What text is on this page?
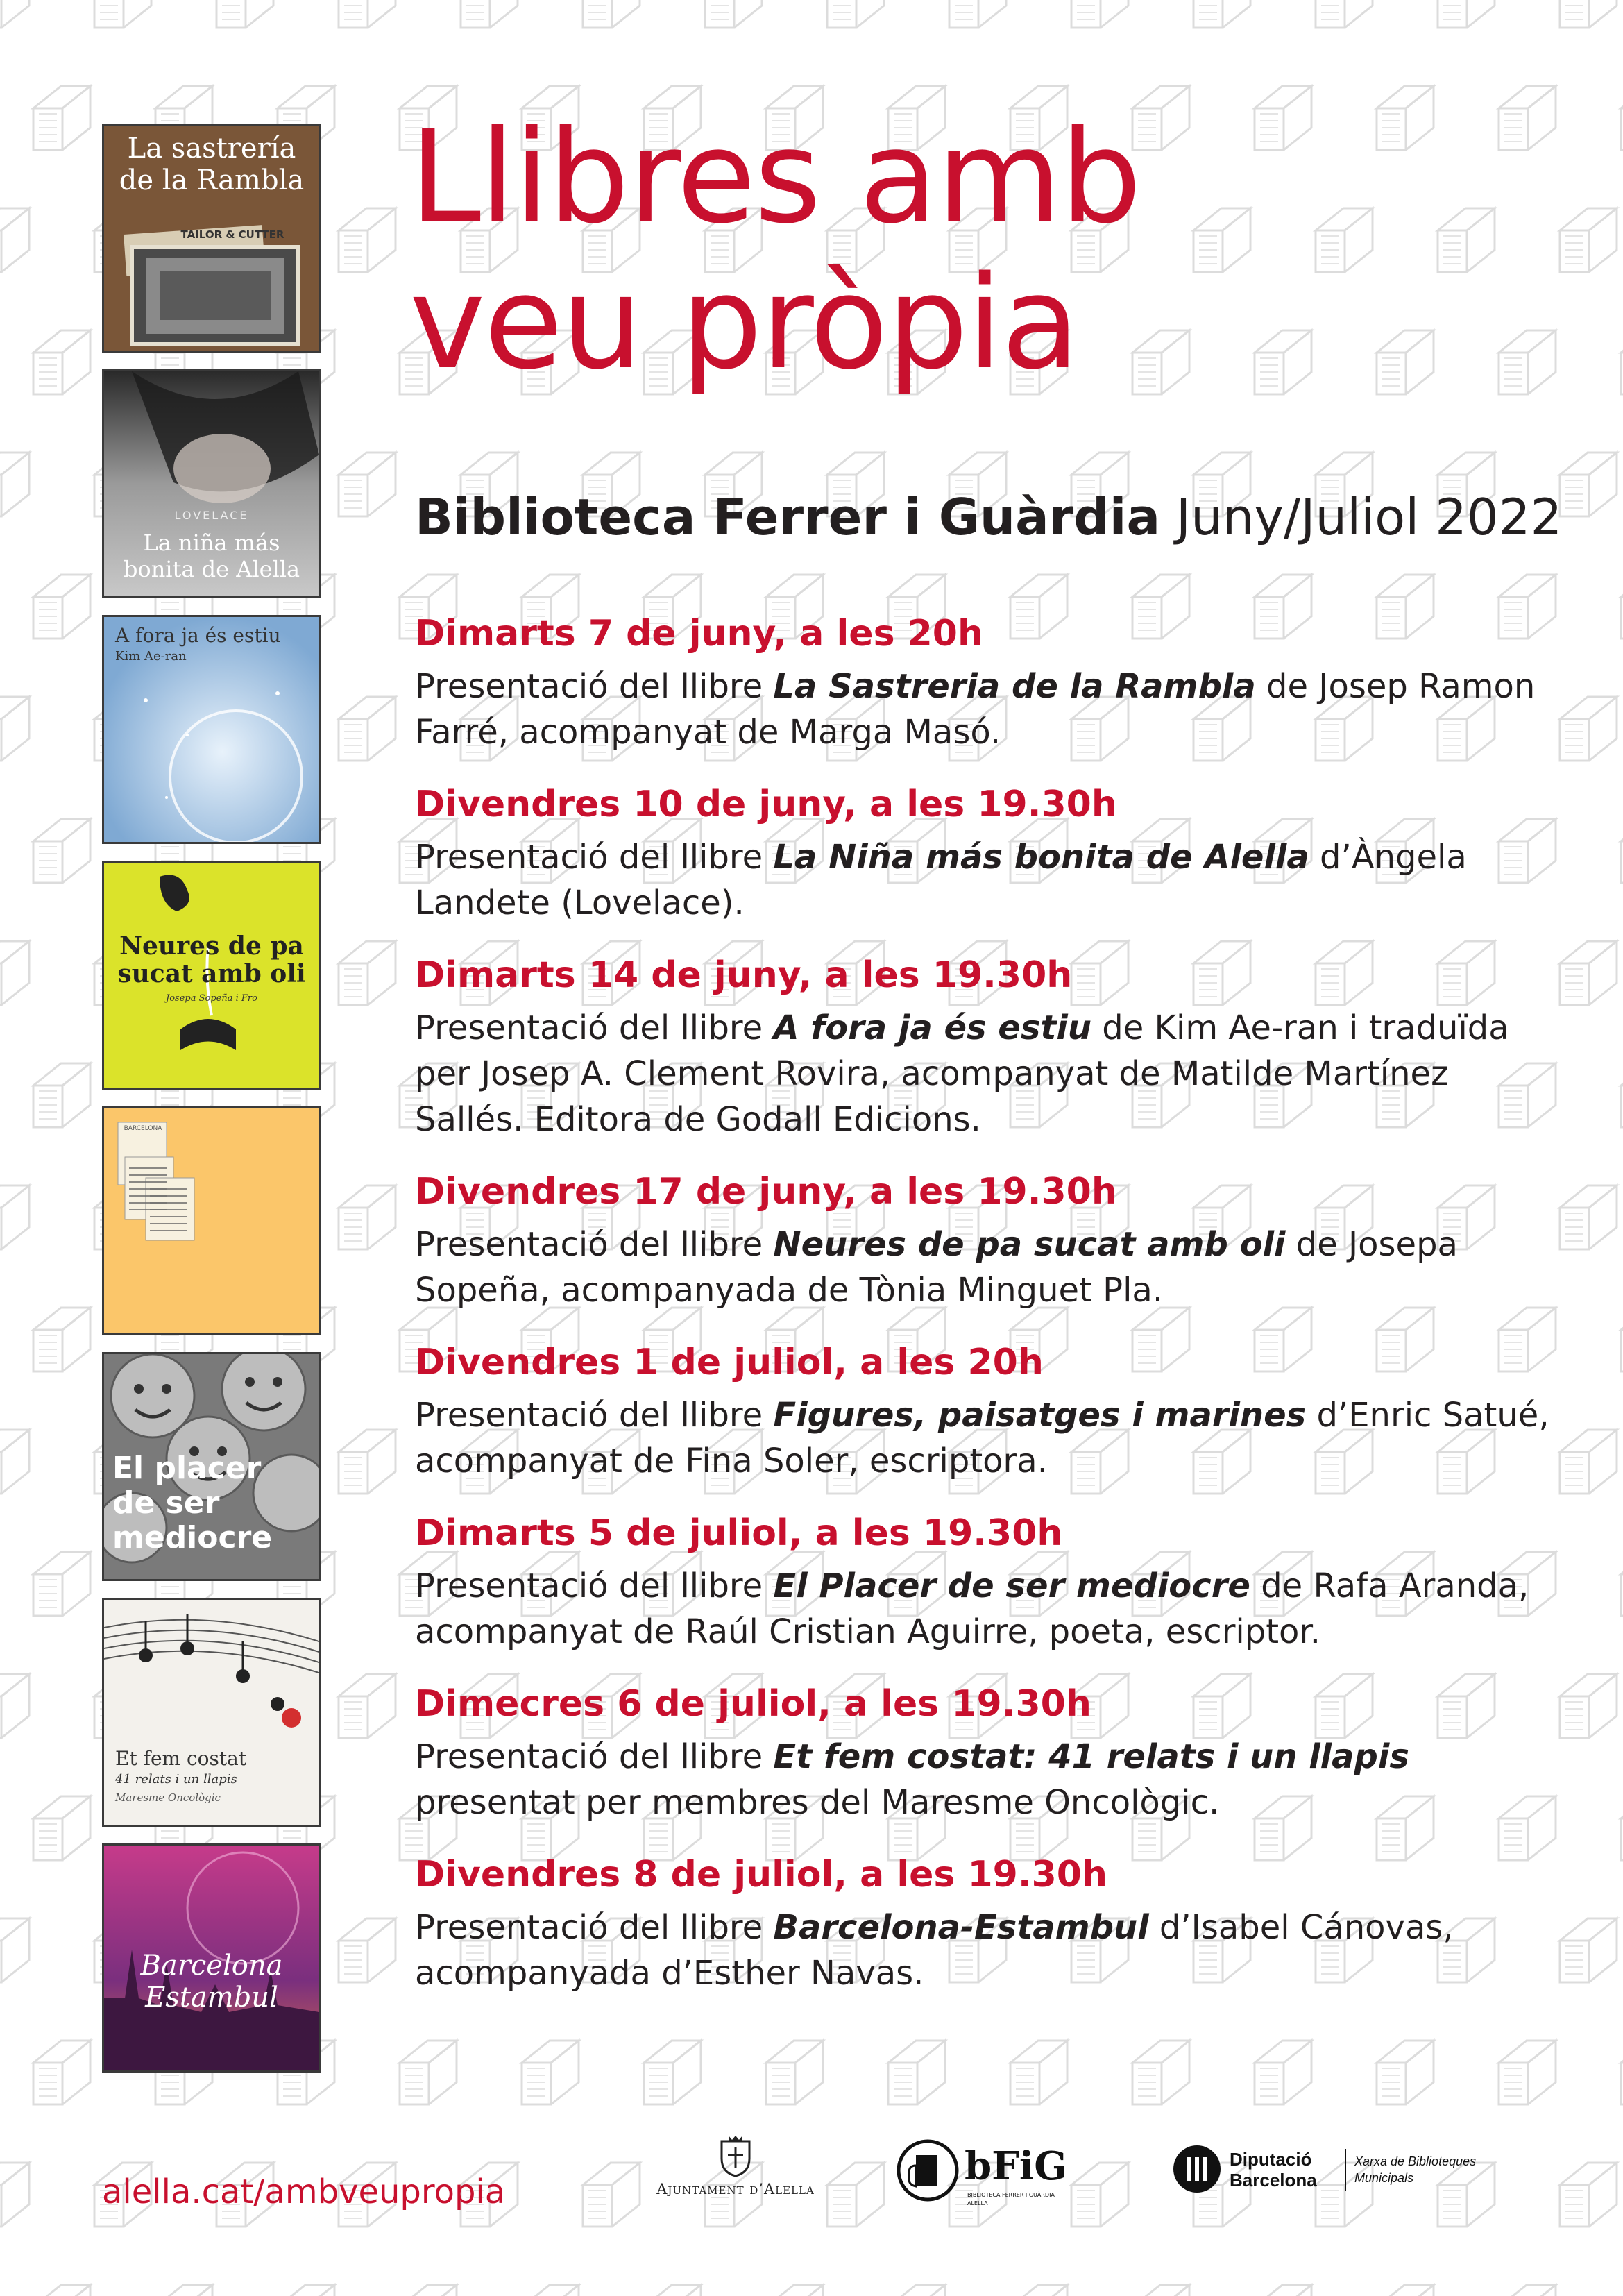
Llibres amb
veu pròpia
Biblioteca Ferrer i Guàrdia Juny/Juliol 2022
La sastrería
de la Rambla
TAILOR & CUTTER
LOVELACE
La niña más
bonita de Alella
A fora ja és estiu
Kim Ae-ran
Neures de pa
sucat amb oli
Josepa Sopeña i Fro
BARCELONA
El placer
de ser
mediocre
Et fem costat
41 relats i un llapis
Maresme Oncològic
Barcelona
Estambul
Dimarts 7 de juny, a les 20h
Presentació del llibre La Sastreria de la Rambla de Josep Ramon Farré, acompanyat de Marga Masó.
Divendres 10 de juny, a les 19.30h
Presentació del llibre La Niña más bonita de Alella d’Àngela Landete (Lovelace).
Dimarts 14 de juny, a les 19.30h
Presentació del llibre A fora ja és estiu de Kim Ae-ran i traduïda per Josep A. Clement Rovira, acompanyat de Matilde Martínez Sallés. Editora de Godall Edicions.
Divendres 17 de juny, a les 19.30h
Presentació del llibre Neures de pa sucat amb oli de Josepa Sopeña, acompanyada de Tònia Minguet Pla.
Divendres 1 de juliol, a les 20h
Presentació del llibre Figures, paisatges i marines d’Enric Satué, acompanyat de Fina Soler, escriptora.
Dimarts 5 de juliol, a les 19.30h
Presentació del llibre El Placer de ser mediocre de Rafa Aranda, acompanyat de Raúl Cristian Aguirre, poeta, escriptor.
Dimecres 6 de juliol, a les 19.30h
Presentació del llibre Et fem costat: 41 relats i un llapis presentat per membres del Maresme Oncològic.
Divendres 8 de juliol, a les 19.30h
Presentació del llibre Barcelona-Estambul d’Isabel Cánovas, acompanyada d’Esther Navas.
alella.cat/ambveupropia	Ajuntament d’Alella	bFiG
BIBLIOTECA FERRER I GUÀRDIA
ALELLA
Diputació
Barcelona
Xarxa de Biblioteques
Municipals
